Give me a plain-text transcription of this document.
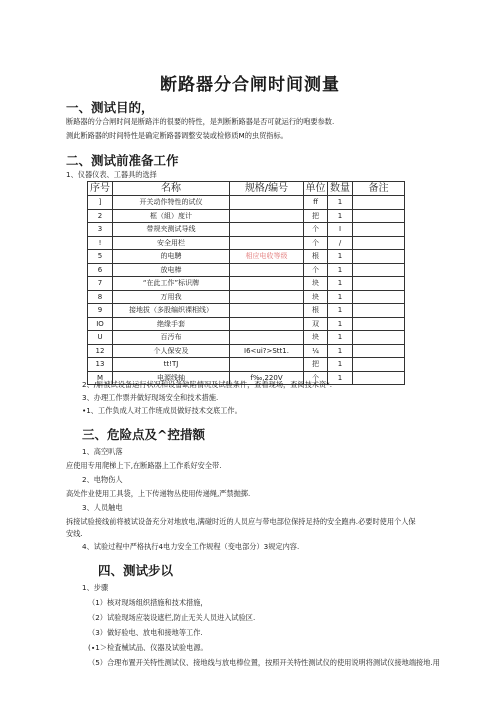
断路器分合闸时间测量
一、测试目的，
断路器的分合闸时间是断路泮的很要的特性，是判断断路器是否可就运行的咆要参数.
测此断路器的时间特性是确定断路器调整安装或检修质M的虫贸指标。
二、测试前准备工作
1、仪器仪表、工器具的选择
序号	名称	规格/编号	单位	数量	备注
]	开关动作特性的试仪		ff	1	
2	框（組）度计		把	1	
3	带规夹测试导线		个	I	
!	安全用栏		个	/	
5	的电騁	相应电收等级	根	1	
6	放电棒		个	1	
7	“在此工作”标识牌		块	1	
8	万用我		块	1	
9	接地拔（多股编织裸相线）		根	1	
IO	绝缘手套		双	1	
U	百汚布		块	1	
12	个人保安及	I6<ui?>Stt1.	¼	1	
13	tt!TJ		把	1	
M	电源线轴	f‰,220V	个	1	
2、/斛被试设备运行状况和设备缺陷情况及试验条件，查看现场，查阅技术资*.
3、办理工作票并做好现场安全和技术措施.
•1、工作负成人对工作班成员做好技术交底工作。
三、危险点及^控措额
1、高空叭落
应使用专用爬梯上下,在断路器上工作系好安全带.
2、电物伤人
高处作业使用工具袋，上下传递物丛使用传递绳,严禁抛掷.
3、人员触电
拆接试验接线前将被试设备充分对地放电,满碰时近的人员应与带电部位保持足持的安全跑冉.必要时使用个人保
安线.
4、试验过程中严格执行4电力安全工作规程（变电部分）3规定内容.
四、测试步以
1、步骤
（1）核对现场组织措施和技术措施，
（2）试验现场应装设遮栏,防止无关人员进入试验区.
（3）做好验电、放电和接地等工作.
(∙1＞检査械试品、仪器及试验电源。
（5）合理布置开关特性测试仪、接地线与放电棒位置，按照开关特性测试仪的使用说明将测试仪接地端接地.用
